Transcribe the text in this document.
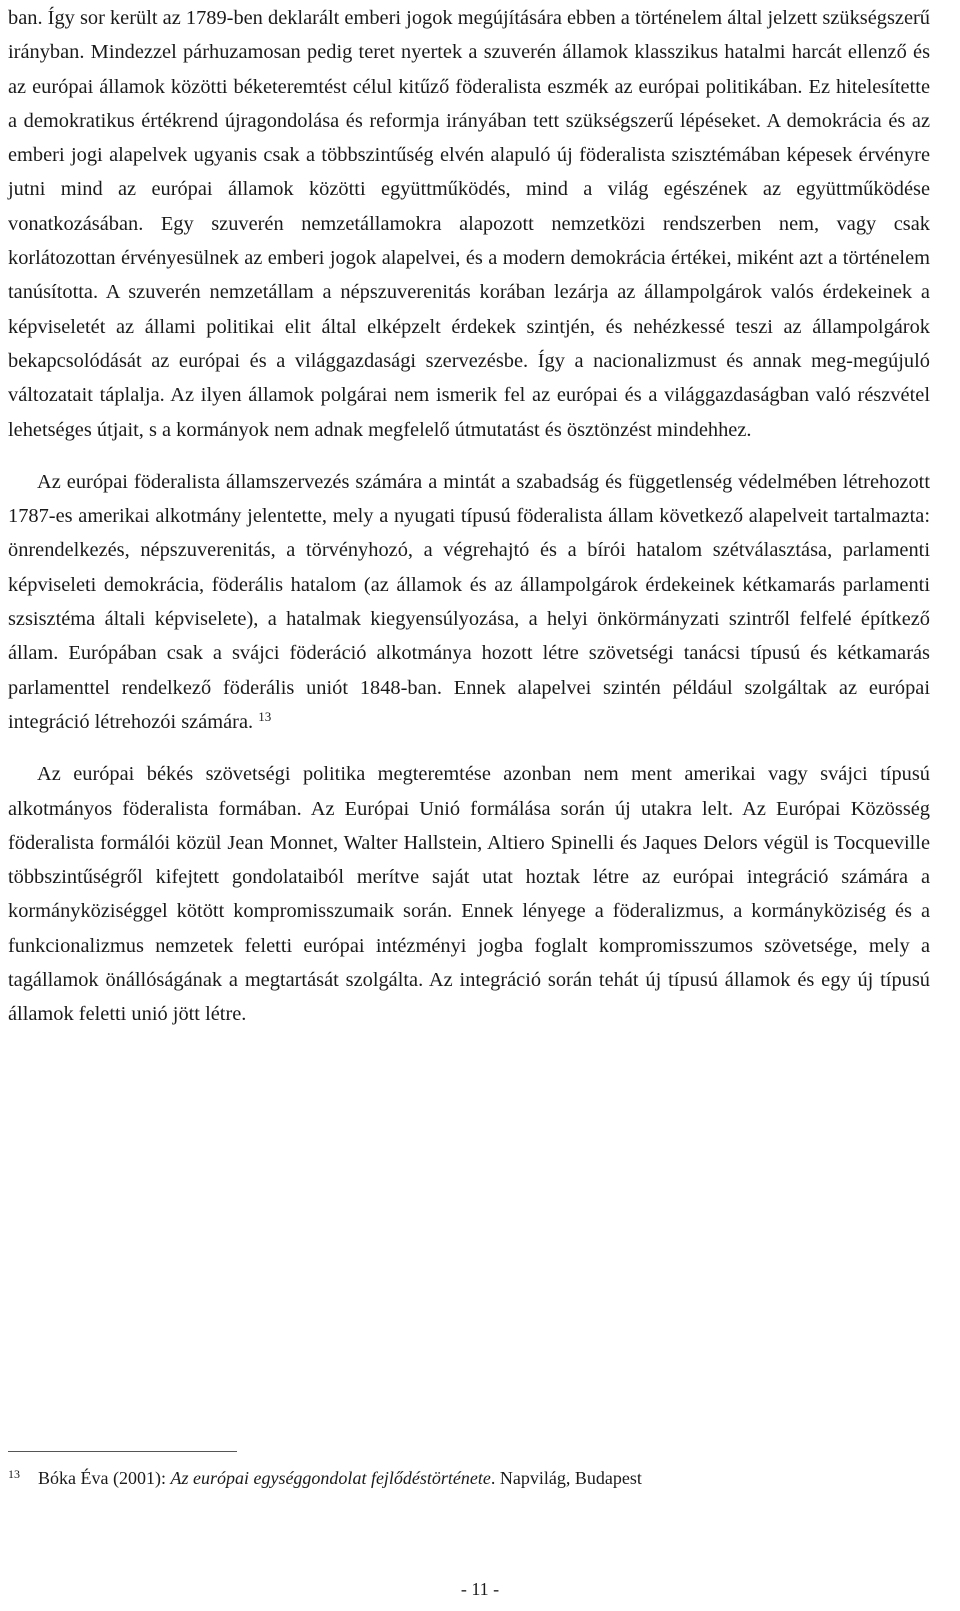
ban. Így sor került az 1789-ben deklarált emberi jogok megújítására ebben a történelem által jelzett szükségszerű irányban. Mindezzel párhuzamosan pedig teret nyertek a szuverén államok klasszikus hatalmi harcát ellenző és az európai államok közötti béketeremtést célul kitűző föderalista eszmék az európai politikában. Ez hitelesítette a demokratikus értékrend újragondolása és reformja irányában tett szükségszerű lépéseket. A demokrácia és az emberi jogi alapelvek ugyanis csak a többszintűség elvén alapuló új föderalista szisztémában képesek érvényre jutni mind az európai államok közötti együttműködés, mind a világ egészének az együttműködése vonatkozásában. Egy szuverén nemzetállamokra alapozott nemzetközi rendszerben nem, vagy csak korlátozottan érvényesülnek az emberi jogok alapelvei, és a modern demokrácia értékei, miként azt a történelem tanúsította. A szuverén nemzetállam a népszuverenitás korában lezárja az állampolgárok valós érdekeinek a képviseletét az állami politikai elit által elképzelt érdekek szintjén, és nehézkessé teszi az állampolgárok bekapcsolódását az európai és a világgazdasági szervezésbe. Így a nacionalizmust és annak meg-megújuló változatait táplalja. Az ilyen államok polgárai nem ismerik fel az európai és a világgazdaságban való részvétel lehetséges útjait, s a kormányok nem adnak megfelelő útmutatást és ösztönzést mindehhez.

Az európai föderalista államszervezés számára a mintát a szabadság és függetlenség védelmében létrehozott 1787-es amerikai alkotmány jelentette, mely a nyugati típusú föderalista állam következő alapelveit tartalmazta: önrendelkezés, népszuverenitás, a törvényhozó, a végrehajtó és a bírói hatalom szétválasztása, parlamenti képviseleti demokrácia, föderális hatalom (az államok és az állampolgárok érdekeinek kétkamarás parlamenti szsisztéma általi képviselete), a hatalmak kiegyensúlyozása, a helyi önkörmányzati szintről felfelé építkező állam. Európában csak a svájci föderáció alkotmánya hozott létre szövetségi tanácsi típusú és kétkamarás parlamenttel rendelkező föderális uniót 1848-ban. Ennek alapelvei szintén például szolgáltak az európai integráció létrehozói számára. $^{13}$

Az európai békés szövetségi politika megteremtése azonban nem ment amerikai vagy svájci típusú alkotmányos föderalista formában. Az Európai Unió formálása során új utakra lelt. Az Európai Közösség föderalista formálói közül Jean Monnet, Walter Hallstein, Altiero Spinelli és Jaques Delors végül is Tocqueville többszintűségről kifejtett gondolataiból merítve saját utat hoztak létre az európai integráció számára a kormányköziséggel kötött kompromisszumaik során. Ennek lényege a föderalizmus, a kormányköziség és a funkcionalizmus nemzetek feletti európai intézményi jogba foglalt kompromisszumos szövetsége, mely a tagállamok önállóságának a megtartását szolgálta. Az integráció során tehát új típusú államok és egy új típusú államok feletti unió jött létre.

13 Bóka Éva (2001): Az európai egységgondolat fejlődéstörténete. Napvilág, Budapest
- 11 -
